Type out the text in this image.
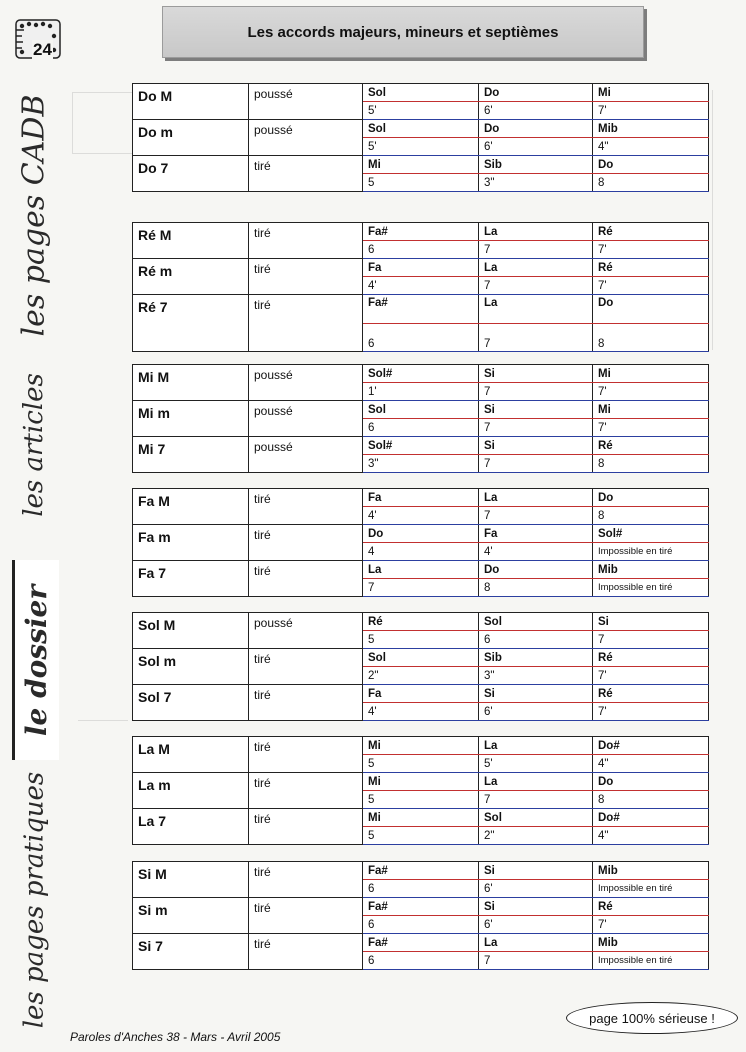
24
les pages CADB
les articles
le dossier
les pages pratiques
Les accords majeurs, mineurs et septièmes
Do M	poussé	Sol	Do	Mi
		5'	6'	7'
Do m	poussé	Sol	Do	Mib
		5'	6'	4"
Do 7	tiré	Mi	Sib	Do
		5	3"	8
Ré M	tiré	Fa#	La	Ré
		6	7	7'
Ré m	tiré	Fa	La	Ré
		4'	7	7'
Ré 7	tiré	Fa#	La	Do
		6	7	8
Mi M	poussé	Sol#	Si	Mi
		1'	7	7'
Mi m	poussé	Sol	Si	Mi
		6	7	7'
Mi 7	poussé	Sol#	Si	Ré
		3"	7	8
Fa M	tiré	Fa	La	Do
		4'	7	8
Fa m	tiré	Do	Fa	Sol#
		4	4'	Impossible en tiré
Fa 7	tiré	La	Do	Mib
		7	8	Impossible en tiré
Sol M	poussé	Ré	Sol	Si
		5	6	7
Sol m	tiré	Sol	Sib	Ré
		2"	3"	7'
Sol 7	tiré	Fa	Si	Ré
		4'	6'	7'
La M	tiré	Mi	La	Do#
		5	5'	4"
La m	tiré	Mi	La	Do
		5	7	8
La 7	tiré	Mi	Sol	Do#
		5	2"	4"
Si M	tiré	Fa#	Si	Mib
		6	6'	Impossible en tiré
Si m	tiré	Fa#	Si	Ré
		6	6'	7'
Si 7	tiré	Fa#	La	Mib
		6	7	Impossible en tiré
Paroles d'Anches 38 - Mars - Avril 2005
page 100% sérieuse !
